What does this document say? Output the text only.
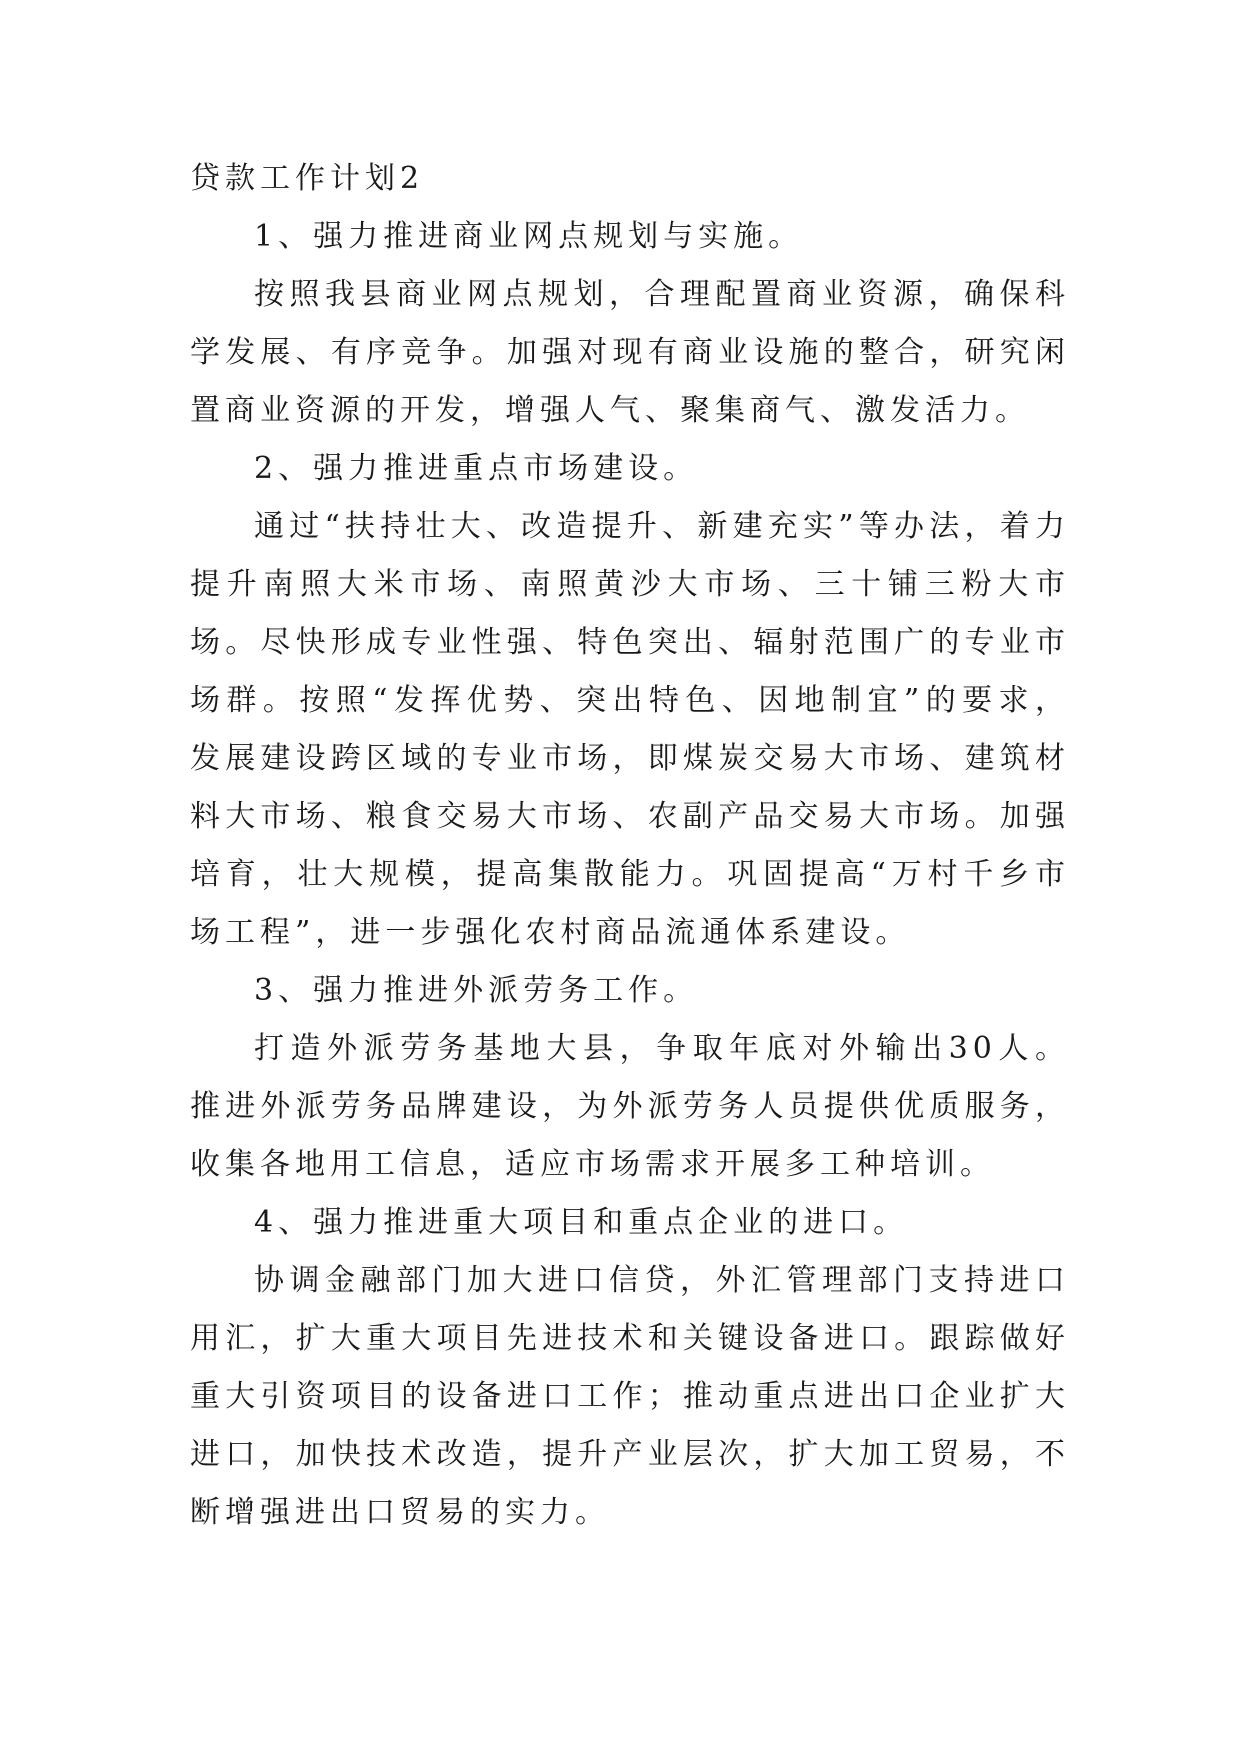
贷款工作计划2

1、强力推进商业网点规划与实施。

按照我县商业网点规划，合理配置商业资源，确保科学发展、有序竞争。加强对现有商业设施的整合，研究闲置商业资源的开发，增强人气、聚集商气、激发活力。

2、强力推进重点市场建设。

通过“扶持壮大、改造提升、新建充实”等办法，着力提升南照大米市场、南照黄沙大市场、三十铺三粉大市场。尽快形成专业性强、特色突出、辐射范围广的专业市场群。按照“发挥优势、突出特色、因地制宜”的要求，发展建设跨区域的专业市场，即煤炭交易大市场、建筑材料大市场、粮食交易大市场、农副产品交易大市场。加强培育，壮大规模，提高集散能力。巩固提高“万村千乡市场工程”，进一步强化农村商品流通体系建设。

3、强力推进外派劳务工作。

打造外派劳务基地大县，争取年底对外输出30人。推进外派劳务品牌建设，为外派劳务人员提供优质服务，收集各地用工信息，适应市场需求开展多工种培训。

4、强力推进重大项目和重点企业的进口。

协调金融部门加大进口信贷，外汇管理部门支持进口用汇，扩大重大项目先进技术和关键设备进口。跟踪做好重大引资项目的设备进口工作；推动重点进出口企业扩大进口，加快技术改造，提升产业层次，扩大加工贸易，不断增强进出口贸易的实力。
